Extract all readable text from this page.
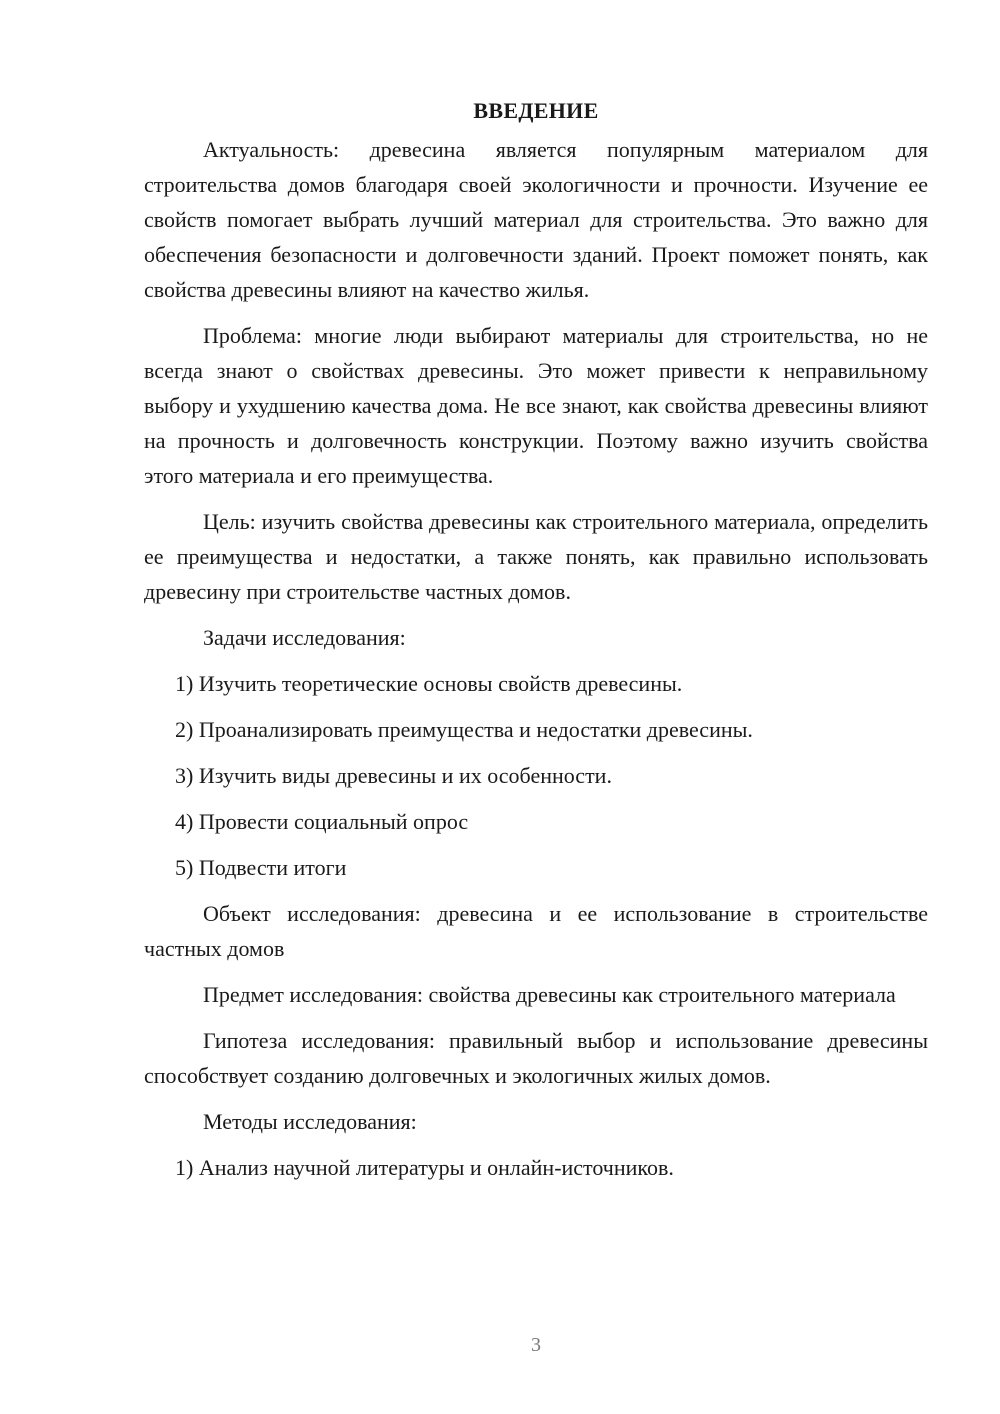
ВВЕДЕНИЕ

Актуальность: древесина является популярным материалом для строительства домов благодаря своей экологичности и прочности. Изучение ее свойств помогает выбрать лучший материал для строительства. Это важно для обеспечения безопасности и долговечности зданий. Проект поможет понять, как свойства древесины влияют на качество жилья.

Проблема: многие люди выбирают материалы для строительства, но не всегда знают о свойствах древесины. Это может привести к неправильному выбору и ухудшению качества дома. Не все знают, как свойства древесины влияют на прочность и долговечность конструкции. Поэтому важно изучить свойства этого материала и его преимущества.

Цель: изучить свойства древесины как строительного материала, определить ее преимущества и недостатки, а также понять, как правильно использовать древесину при строительстве частных домов.

Задачи исследования:

1) Изучить теоретические основы свойств древесины.

2) Проанализировать преимущества и недостатки древесины.

3) Изучить виды древесины и их особенности.

4) Провести социальный опрос

5) Подвести итоги

Объект исследования: древесина и ее использование в строительстве частных домов

Предмет исследования: свойства древесины как строительного материала

Гипотеза исследования: правильный выбор и использование древесины способствует созданию долговечных и экологичных жилых домов.

Методы исследования:

1) Анализ научной литературы и онлайн-источников.

3
